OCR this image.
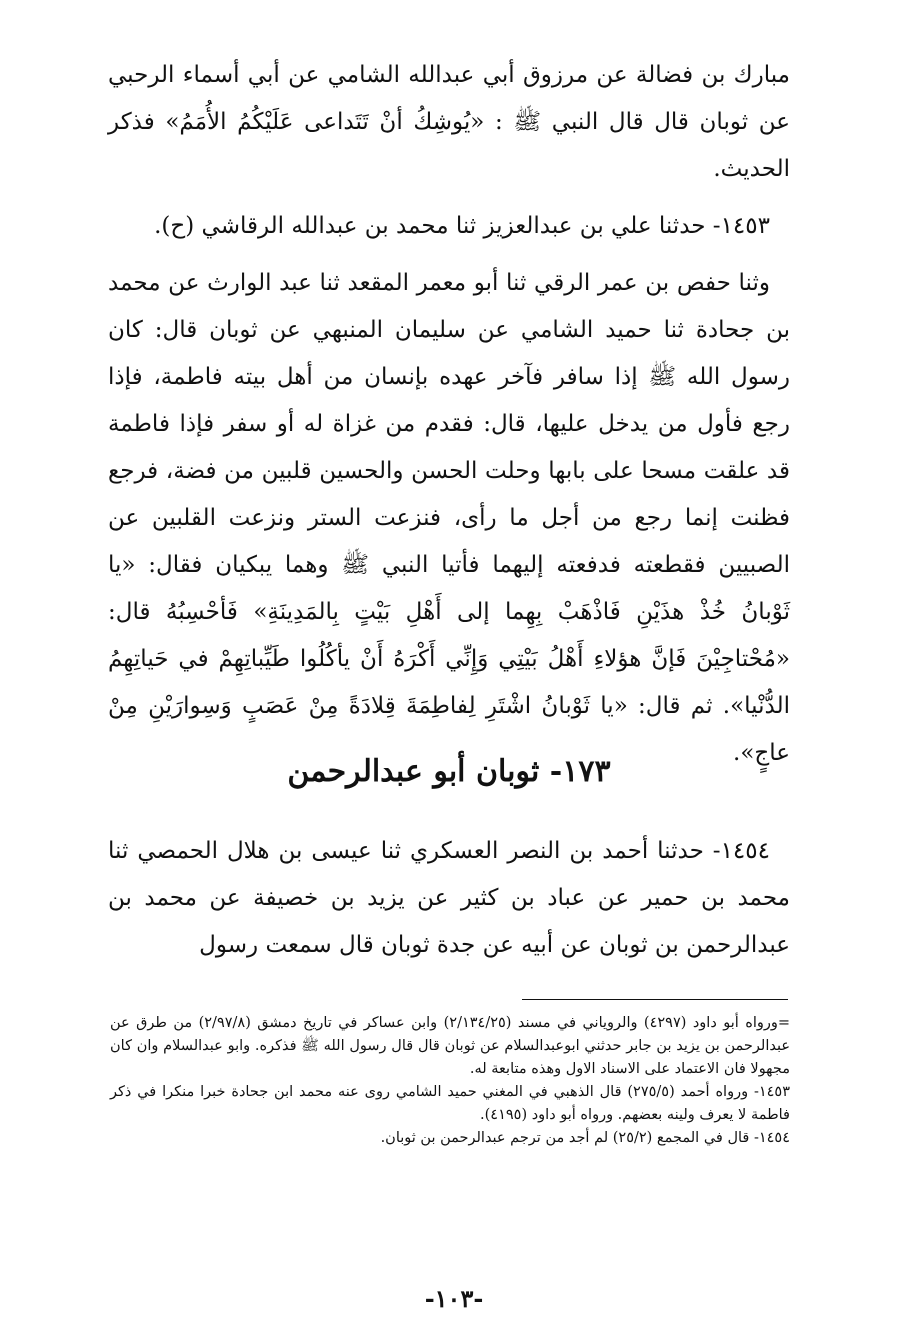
مبارك بن فضالة عن مرزوق أبي عبدالله الشامي عن أبي أسماء الرحبي عن ثوبان قال قال النبي ﷺ : «يُوشِكُ أنْ تَتَداعى عَلَيْكُمُ الأُمَمُ» فذكر الحديث.

١٤٥٣- حدثنا علي بن عبدالعزيز ثنا محمد بن عبدالله الرقاشي (ح).

وثنا حفص بن عمر الرقي ثنا أبو معمر المقعد ثنا عبد الوارث عن محمد بن جحادة ثنا حميد الشامي عن سليمان المنبهي عن ثوبان قال: كان رسول الله ﷺ إذا سافر فآخر عهده بإنسان من أهل بيته فاطمة، فإذا رجع فأول من يدخل عليها، قال: فقدم من غزاة له أو سفر فإذا فاطمة قد علقت مسحا على بابها وحلت الحسن والحسين قلبين من فضة، فرجع فظنت إنما رجع من أجل ما رأى، فنزعت الستر ونزعت القلبين عن الصبيين فقطعته فدفعته إليهما فأتيا النبي ﷺ وهما يبكيان فقال: «يا ثَوْبانُ خُذْ هذَيْنِ فَاذْهَبْ بِهِما إلى أَهْلِ بَيْتٍ بِالمَدِينَةِ» فَأحْسِبُهُ قال: «مُحْتاجِيْنَ فَإنَّ هؤلاءِ أَهْلُ بَيْتِي وَإِنِّي أَكْرَهُ أَنْ يأكُلُوا طَيِّباتِهِمْ في حَياتِهِمُ الدُّنْيا». ثم قال: «يا ثَوْبانُ اشْتَرِ لِفاطِمَةَ قِلادَةً مِنْ عَصَبٍ وَسِوارَيْنِ مِنْ عاجٍ».

١٧٣- ثوبان أبو عبدالرحمن

١٤٥٤- حدثنا أحمد بن النصر العسكري ثنا عيسى بن هلال الحمصي ثنا محمد بن حمير عن عباد بن كثير عن يزيد بن خصيفة عن محمد بن عبدالرحمن بن ثوبان عن أبيه عن جدة ثوبان قال سمعت رسول

=ورواه أبو داود (٤٢٩٧) والروياني في مسند (٢/١٣٤/٢٥) وابن عساكر في تاريخ دمشق (٢/٩٧/٨) من طرق عن عبدالرحمن بن يزيد بن جابر حدثني ابوعبدالسلام عن ثوبان قال قال رسول الله ﷺ فذكره. وابو عبدالسلام وان كان مجهولا فان الاعتماد على الاسناد الاول وهذه متابعة له.

١٤٥٣- ورواه أحمد (٢٧٥/٥) قال الذهبي في المغني حميد الشامي روى عنه محمد ابن جحادة خبرا منكرا في ذكر فاطمة لا يعرف ولينه بعضهم. ورواه أبو داود (٤١٩٥).

١٤٥٤- قال في المجمع (٢٥/٢) لم أجد من ترجم عبدالرحمن بن ثوبان.

-١٠٣-
